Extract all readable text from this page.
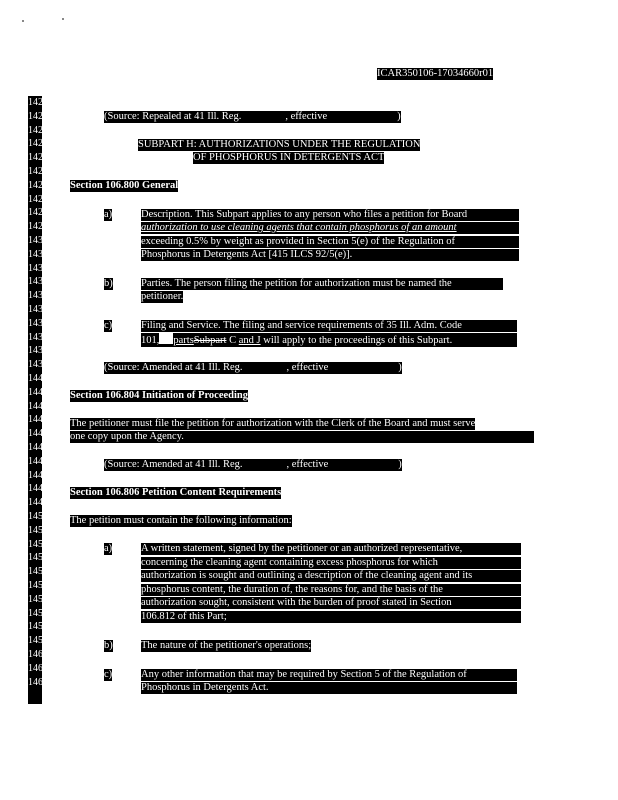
ICAR350106-17034660r01
1420
1421
1422
1423
1424
1425
1426
1427
1428
1429
1430
1431
1432
1433
1434
1435
1436
1437
1438
143
144
144
1442
1443
1444
1445
1446
1447
1448
1449
1450
1451
1452
1453
1454
1455
1456
1457
1458
1459
1460
1461
1462
(Source: Repealed at 41 Ill. Reg.	, effective	)
SUBPART H: AUTHORIZATIONS UNDER THE REGULATION
OF PHOSPHORUS IN DETERGENTS ACT
Section 106.800 General
a)	Description. This Subpart applies to any person who files a petition for Board
authorization to use cleaning agents that contain phosphorus of an amount
exceeding 0.5% by weight as provided in Section 5(e) of the Regulation of
Phosphorus in Detergents Act [415 ILCS 92/5(e)].
b)	Parties. The person filing the petition for authorization must be named the
petitioner.
c)	Filing and Service. The filing and service requirements of 35 Ill. Adm. Code
101, partsSubpart C and J will apply to the proceedings of this Subpart.
(Source: Amended at 41 Ill. Reg.	, effective	)
Section 106.804 Initiation of Proceeding
The petitioner must file the petition for authorization with the Clerk of the Board and must serve
one copy upon the Agency.
(Source: Amended at 41 Ill. Reg.	, effective	)
Section 106.806 Petition Content Requirements
The petition must contain the following information:
a)	A written statement, signed by the petitioner or an authorized representative,
concerning the cleaning agent containing excess phosphorus for which
authorization is sought and outlining a description of the cleaning agent and its
phosphorus content, the duration of, the reasons for, and the basis of the
authorization sought, consistent with the burden of proof stated in Section
106.812 of this Part;
b)	The nature of the petitioner's operations;
c)	Any other information that may be required by Section 5 of the Regulation of
Phosphorus in Detergents Act.
